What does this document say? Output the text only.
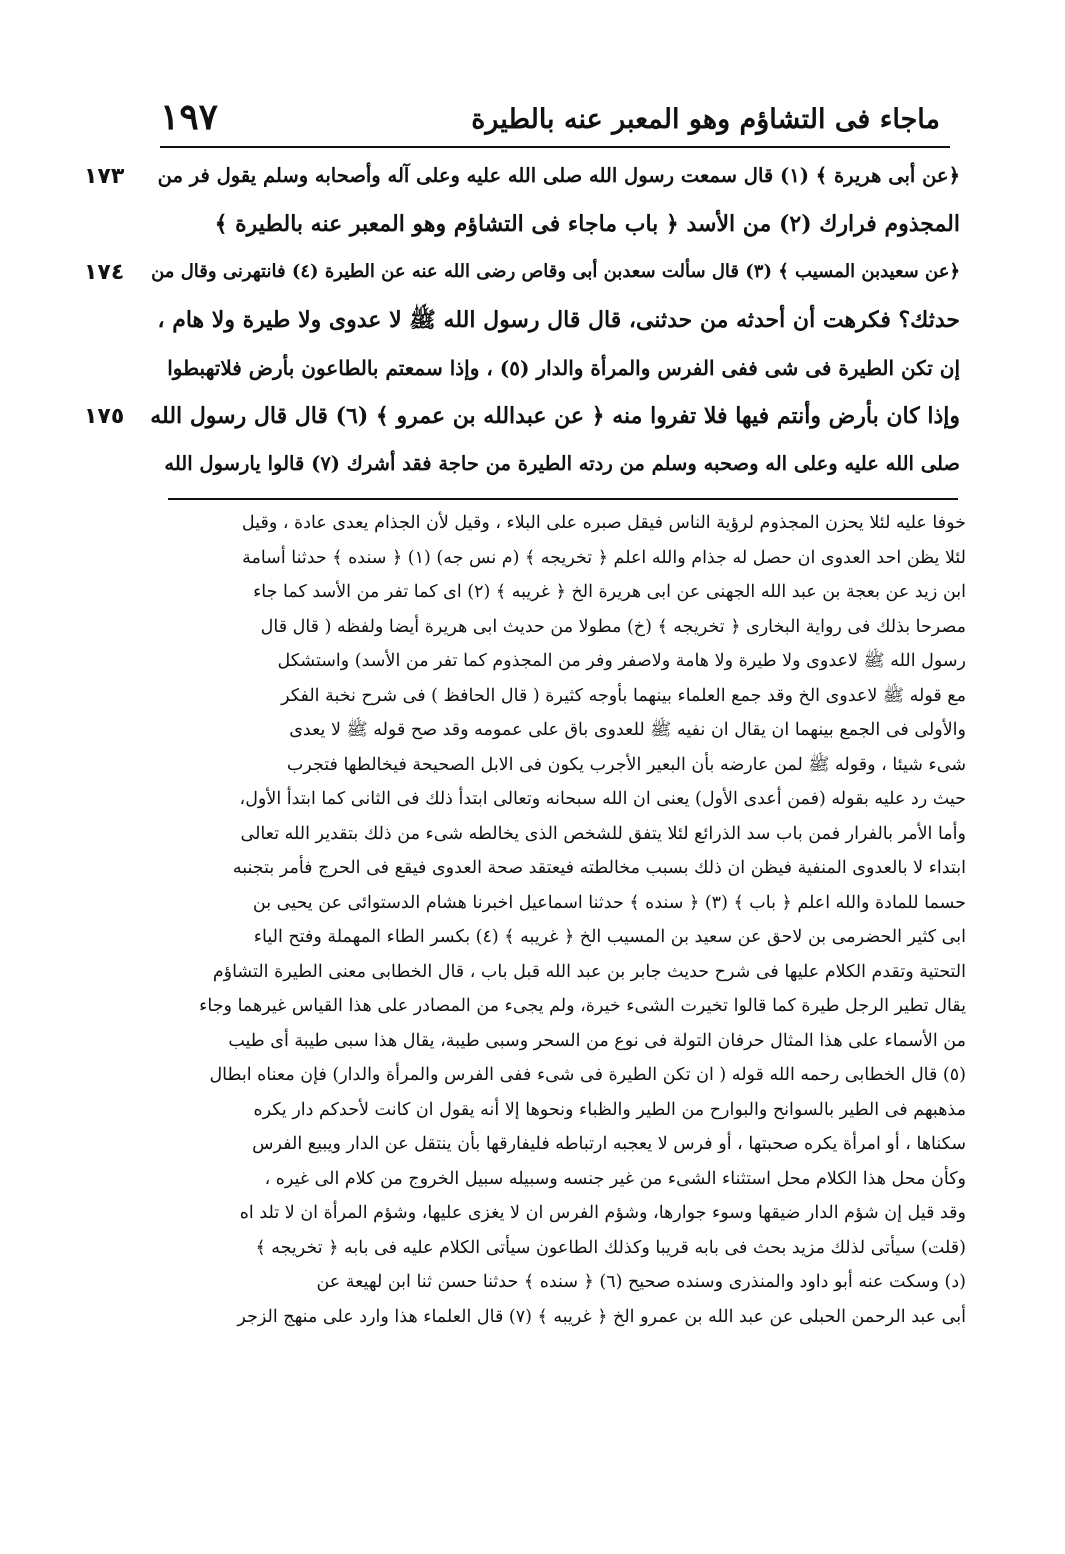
ماجاء فى التشاؤم وهو المعبر عنه بالطيرة
١٩٧
﴿عن أبى هريرة ﴾ (١) قال سمعت رسول الله صلى الله عليه وعلى آله وأصحابه وسلم يقول فر من
المجذوم فرارك (٢) من الأسد ﴿ باب ماجاء فى التشاؤم وهو المعبر عنه بالطيرة ﴾
﴿عن سعيدبن المسيب ﴾ (٣) قال سألت سعدبن أبى وقاص رضى الله عنه عن الطيرة (٤) فانتهرنى وقال من
حدثك؟ فكرهت أن أحدثه من حدثنى، قال قال رسول الله ﷺ لا عدوى ولا طيرة ولا هام ،
إن تكن الطيرة فى شى ففى الفرس والمرأة والدار (٥) ، وإذا سمعتم بالطاعون بأرض فلاتهبطوا
وإذا كان بأرض وأنتم فيها فلا تفروا منه ﴿ عن عبدالله بن عمرو ﴾ (٦) قال قال رسول الله
صلى الله عليه وعلى اله وصحبه وسلم من ردته الطيرة من حاجة فقد أشرك (٧) قالوا يارسول الله
١٧٣
١٧٤
١٧٥
خوفا عليه لئلا يحزن المجذوم لرؤية الناس فيقل صبره على البلاء ، وقيل لأن الجذام يعدى عادة ، وقيل
لئلا يظن احد العدوى ان حصل له جذام والله اعلم ﴿ تخريجه ﴾ (م نس جه) (١) ﴿ سنده ﴾ حدثنا أسامة
ابن زيد عن بعجة بن عبد الله الجهنى عن ابى هريرة الخ ﴿ غريبه ﴾ (٢) اى كما تفر من الأسد كما جاء
مصرحا بذلك فى رواية البخارى ﴿ تخريجه ﴾ (خ) مطولا من حديث ابى هريرة أيضا ولفظه ( قال قال
رسول الله ﷺ لاعدوى ولا طيرة ولا هامة ولاصفر وفر من المجذوم كما تفر من الأسد) واستشكل
مع قوله ﷺ لاعدوى الخ وقد جمع العلماء بينهما بأوجه كثيرة ( قال الحافظ ) فى شرح نخبة الفكر
والأولى فى الجمع بينهما ان يقال ان نفيه ﷺ للعدوى باق على عمومه وقد صح قوله ﷺ لا يعدى
شىء شيئا ، وقوله ﷺ لمن عارضه بأن البعير الأجرب يكون فى الابل الصحيحة فيخالطها فتجرب
حيث رد عليه بقوله (فمن أعدى الأول) يعنى ان الله سبحانه وتعالى ابتدأ ذلك فى الثانى كما ابتدأ الأول،
وأما الأمر بالفرار فمن باب سد الذرائع لئلا يتفق للشخص الذى يخالطه شىء من ذلك بتقدير الله تعالى
ابتداء لا بالعدوى المنفية فيظن ان ذلك بسبب مخالطته فيعتقد صحة العدوى فيقع فى الحرج فأمر بتجنبه
حسما للمادة والله اعلم ﴿ باب ﴾ (٣) ﴿ سنده ﴾ حدثنا اسماعيل اخبرنا هشام الدستوائى عن يحيى بن
ابى كثير الحضرمى بن لاحق عن سعيد بن المسيب الخ ﴿ غريبه ﴾ (٤) بكسر الطاء المهملة وفتح الياء
التحتية وتقدم الكلام عليها فى شرح حديث جابر بن عبد الله قبل باب ، قال الخطابى معنى الطيرة التشاؤم
يقال تطير الرجل طيرة كما قالوا تخيرت الشىء خيرة، ولم يجىء من المصادر على هذا القياس غيرهما وجاء
من الأسماء على هذا المثال حرفان التولة فى نوع من السحر وسبى طيبة، يقال هذا سبى طيبة أى طيب
(٥) قال الخطابى رحمه الله قوله ( ان تكن الطيرة فى شىء ففى الفرس والمرأة والدار) فإن معناه ابطال
مذهبهم فى الطير بالسوانح والبوارح من الطير والظباء ونحوها إلا أنه يقول ان كانت لأحدكم دار يكره
سكناها ، أو امرأة يكره صحبتها ، أو فرس لا يعجبه ارتباطه فليفارقها بأن ينتقل عن الدار ويبيع الفرس
وكأن محل هذا الكلام محل استثناء الشىء من غير جنسه وسبيله سبيل الخروج من كلام الى غيره ،
وقد قيل إن شؤم الدار ضيقها وسوء جوارها، وشؤم الفرس ان لا يغزى عليها، وشؤم المرأة ان لا تلد اه
(قلت) سيأتى لذلك مزيد بحث فى بابه قريبا وكذلك الطاعون سيأتى الكلام عليه فى بابه ﴿ تخريجه ﴾
(د) وسكت عنه أبو داود والمنذرى وسنده صحيح (٦) ﴿ سنده ﴾ حدثنا حسن ثنا ابن لهيعة عن
أبى عبد الرحمن الحبلى عن عبد الله بن عمرو الخ ﴿ غريبه ﴾ (٧) قال العلماء هذا وارد على منهج الزجر
